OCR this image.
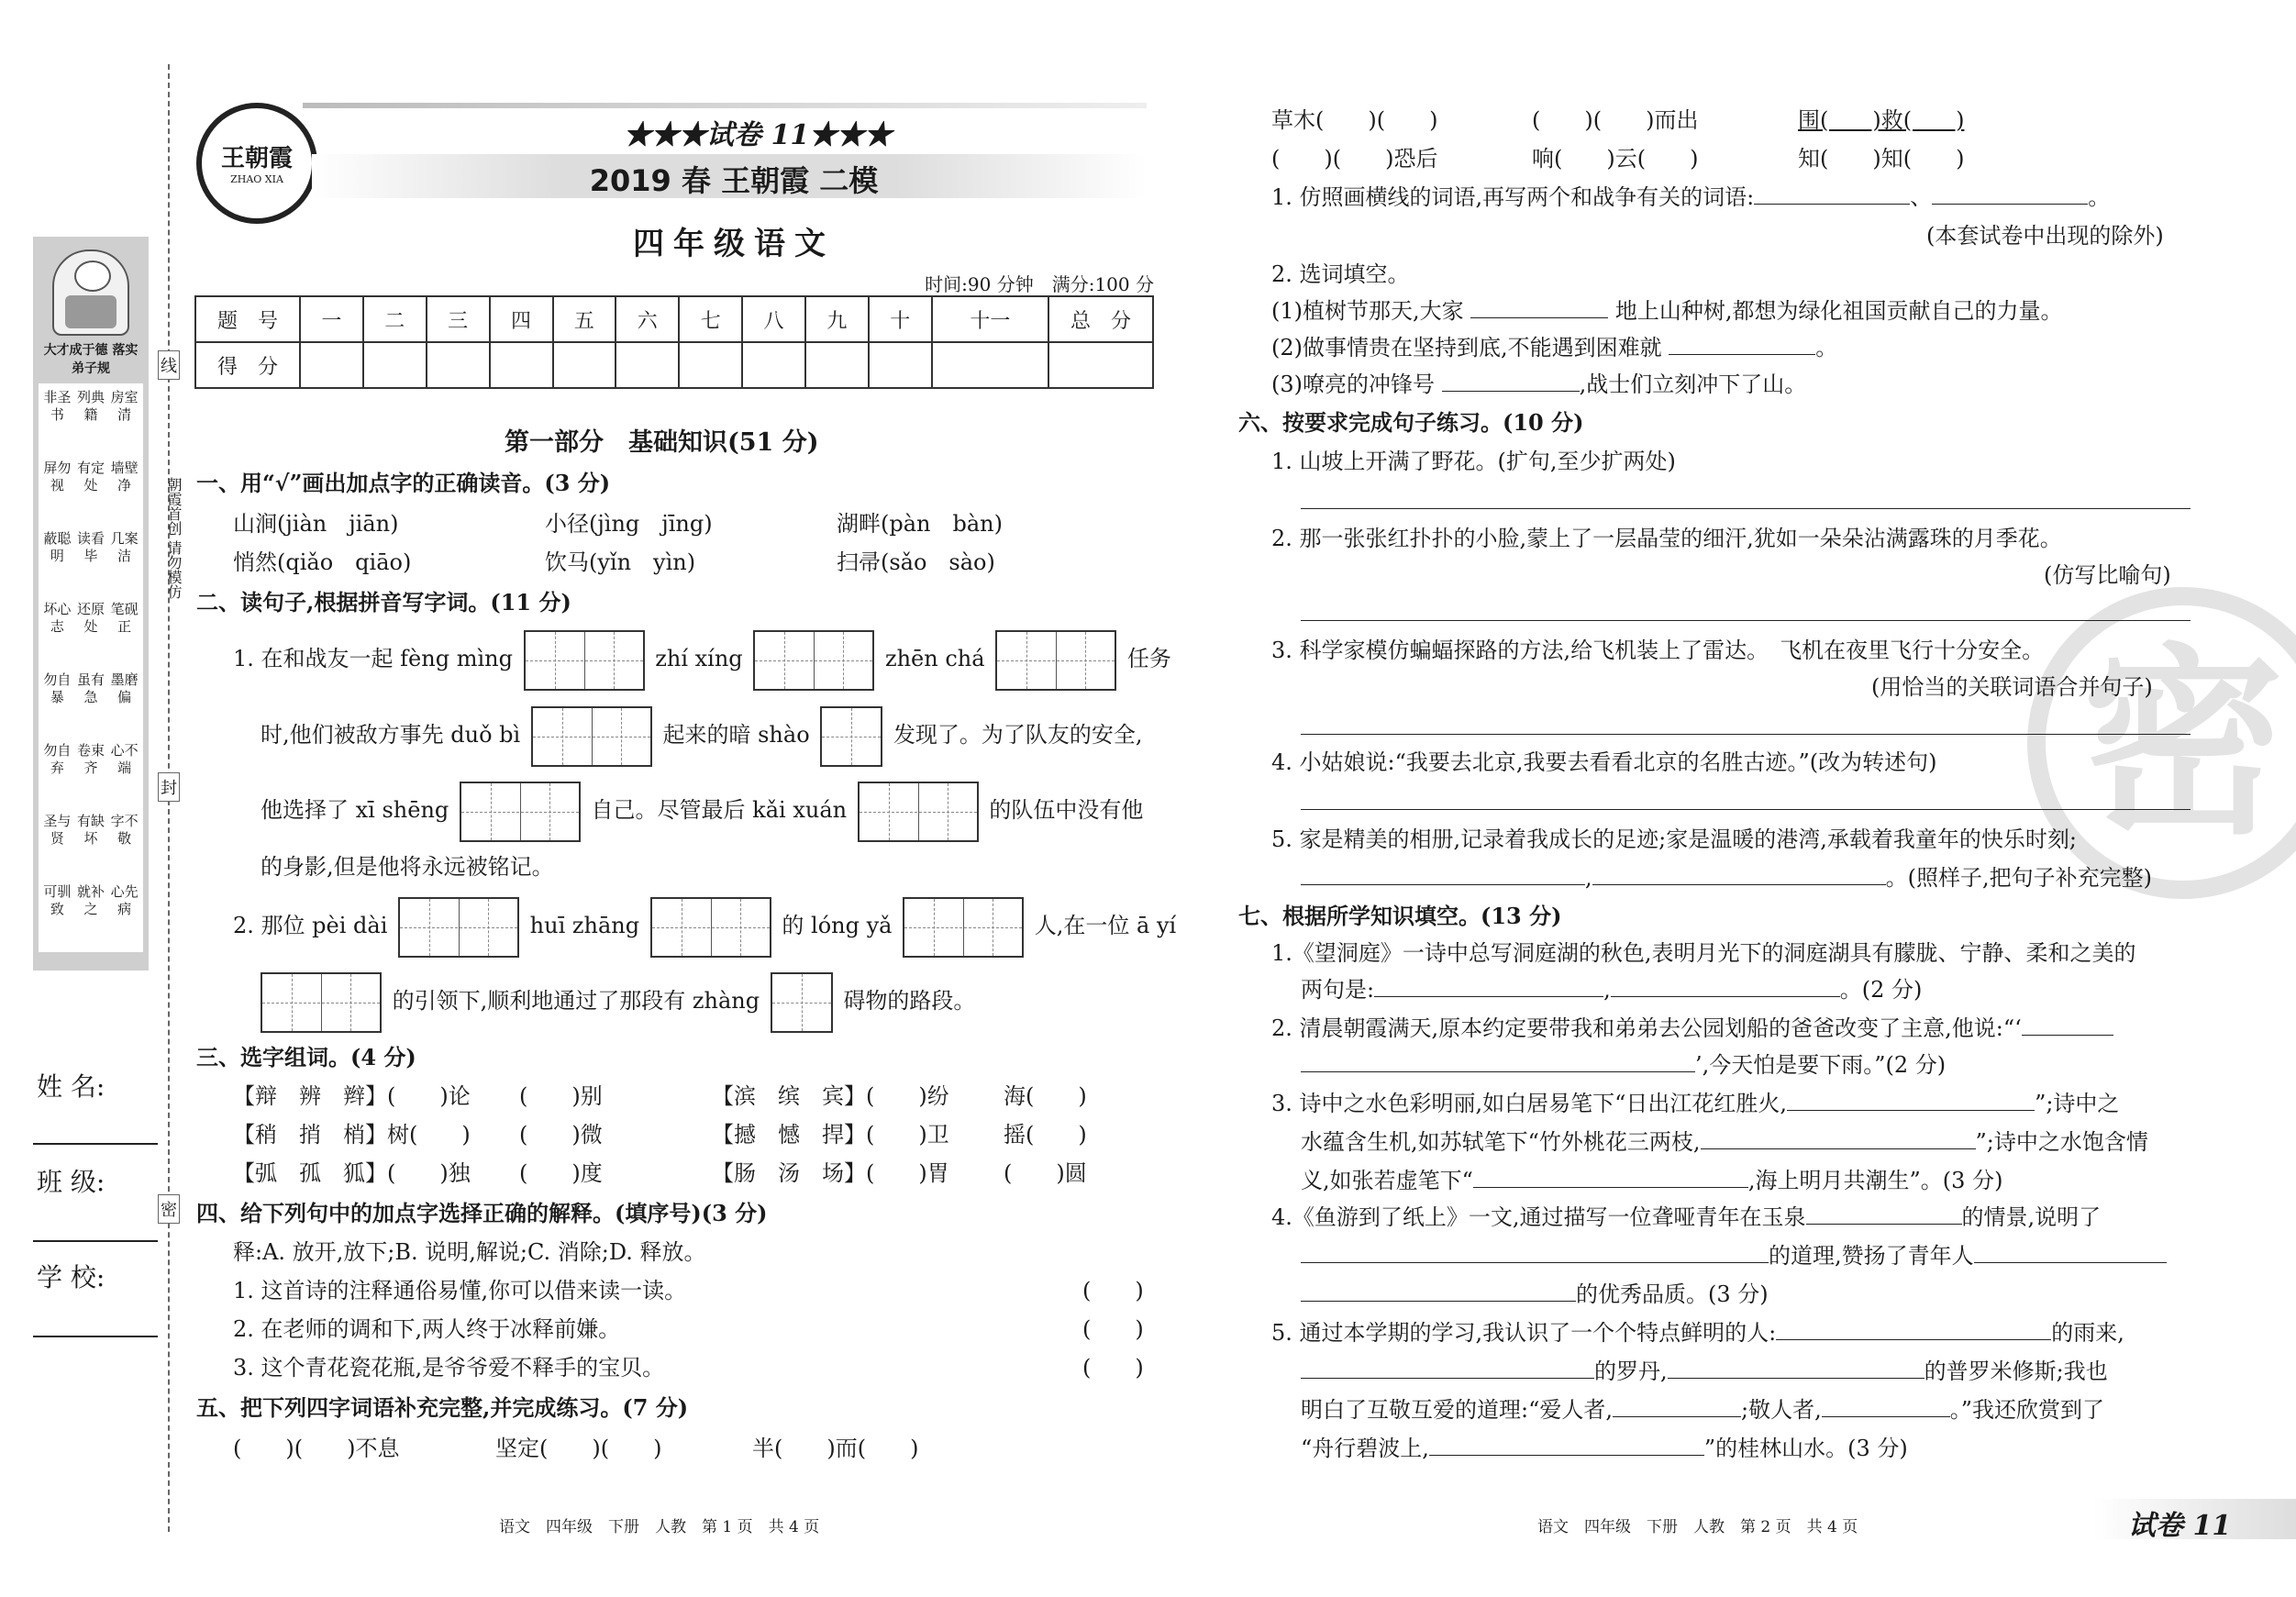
线
封
密
朝霞首创 请勿模仿
大才成于德 落实弟子规
非圣书
列典籍
房室清
屏勿视
有定处
墙壁净
蔽聪明
读看毕
几案洁
坏心志
还原处
笔砚正
勿自暴
虽有急
墨磨偏
勿自弃
卷束齐
心不端
圣与贤
有缺坏
字不敬
可驯致
就补之
心先病
姓 名:
班 级:
学 校:
王朝霞
ZHAO XIA
★★★试卷 11★★★
2019 春 王朝霞 二模
四年级语文
时间:90 分钟　满分:100 分
题　号	一	二	三	四	五	六	七	八	九	十	十一	总　分
得　分												
第一部分　基础知识(51 分)
一、用“√”画出加点字的正确读音。(3 分)
山涧(jiàn　jiān)	小径(jìng　jīng)	湖畔(pàn　bàn)
悄然(qiǎo　qiāo)	饮马(yǐn　yìn)	扫帚(sǎo　sào)
二、读句子,根据拼音写字词。(11 分)
1. 在和战友一起 fèng mìng	zhí xíng	zhēn chá	任务
时,他们被敌方事先 duǒ bì	起来的暗 shào	发现了。为了队友的安全,
他选择了 xī shēng	自己。尽管最后 kǎi xuán	的队伍中没有他
的身影,但是他将永远被铭记。
2. 那位 pèi dài	huī zhāng	的 lóng yǎ	人,在一位 ā yí
的引领下,顺利地通过了那段有 zhàng	碍物的路段。
三、选字组词。(4 分)
【辩　辨　辫】(　　)论 (　　)别	【滨　缤　宾】(　　)纷 海(　　)
【稍　捎　梢】树(　　) (　　)微	【撼　憾　捍】(　　)卫 摇(　　)
【弧　孤　狐】(　　)独 (　　)度	【肠　汤　场】(　　)胃 (　　)圆
四、给下列句中的加点字选择正确的解释。(填序号)(3 分)
释:A. 放开,放下;B. 说明,解说;C. 消除;D. 释放。
1. 这首诗的注释通俗易懂,你可以借来读一读。	(　　)
2. 在老师的调和下,两人终于冰释前嫌。	(　　)
3. 这个青花瓷花瓶,是爷爷爱不释手的宝贝。	(　　)
五、把下列四字词语补充完整,并完成练习。(7 分)
(　　)(　　)不息	坚定(　　)(　　)	半(　　)而(　　)
语文　四年级　下册　人教　第 1 页　共 4 页
密
草木(　　)(　　)	(　　)(　　)而出	围(　　)救(　　)
(　　)(　　)恐后	响(　　)云(　　)	知(　　)知(　　)
1. 仿照画横线的词语,再写两个和战争有关的词语:	、	。
(本套试卷中出现的除外)
2. 选词填空。
(1)植树节那天,大家	地上山种树,都想为绿化祖国贡献自己的力量。
(2)做事情贵在坚持到底,不能遇到困难就	。
(3)嘹亮的冲锋号	,战士们立刻冲下了山。
六、按要求完成句子练习。(10 分)
1. 山坡上开满了野花。(扩句,至少扩两处)
2. 那一张张红扑扑的小脸,蒙上了一层晶莹的细汗,犹如一朵朵沾满露珠的月季花。
(仿写比喻句)
3. 科学家模仿蝙蝠探路的方法,给飞机装上了雷达。　飞机在夜里飞行十分安全。
(用恰当的关联词语合并句子)
4. 小姑娘说:“我要去北京,我要去看看北京的名胜古迹。”(改为转述句)
5. 家是精美的相册,记录着我成长的足迹;家是温暖的港湾,承载着我童年的快乐时刻;
,	。(照样子,把句子补充完整)
七、根据所学知识填空。(13 分)
1.《望洞庭》一诗中总写洞庭湖的秋色,表明月光下的洞庭湖具有朦胧、宁静、柔和之美的
两句是:	,	。(2 分)
2. 清晨朝霞满天,原本约定要带我和弟弟去公园划船的爸爸改变了主意,他说:“‘
’,今天怕是要下雨。”(2 分)
3. 诗中之水色彩明丽,如白居易笔下“日出江花红胜火,	”;诗中之
水蕴含生机,如苏轼笔下“竹外桃花三两枝,	”;诗中之水饱含情
义,如张若虚笔下“	,海上明月共潮生”。(3 分)
4.《鱼游到了纸上》一文,通过描写一位聋哑青年在玉泉	的情景,说明了
的道理,赞扬了青年人
的优秀品质。(3 分)
5. 通过本学期的学习,我认识了一个个特点鲜明的人:	的雨来,
的罗丹,	的普罗米修斯;我也
明白了互敬互爱的道理:“爱人者,	;敬人者,	。”我还欣赏到了
“舟行碧波上,	”的桂林山水。(3 分)
语文　四年级　下册　人教　第 2 页　共 4 页	试卷 11
